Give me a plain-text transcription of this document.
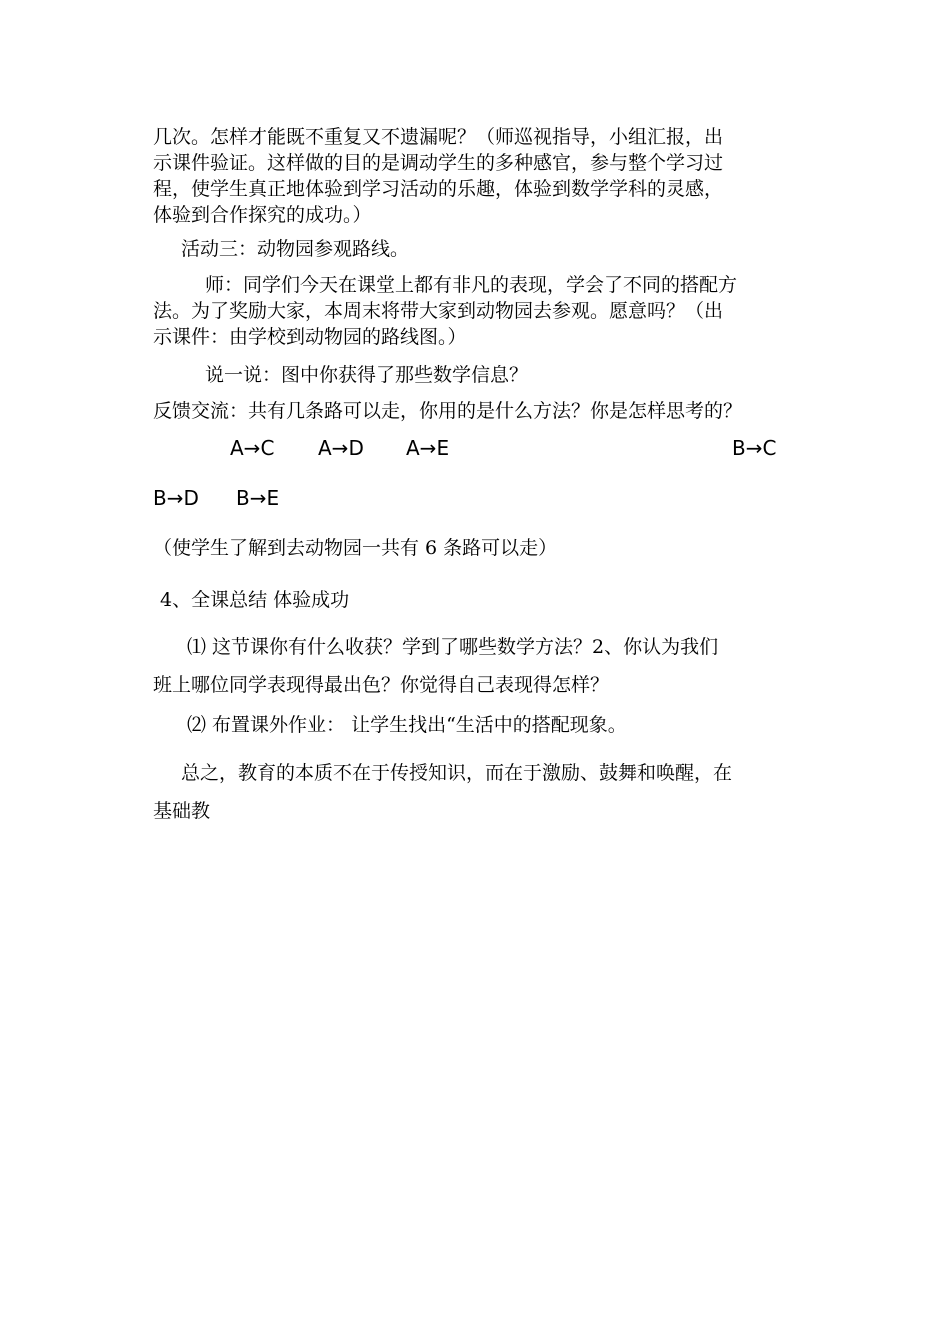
几次。怎样才能既不重复又不遗漏呢？（师巡视指导，小组汇报，出

示课件验证。这样做的目的是调动学生的多种感官，参与整个学习过

程，使学生真正地体验到学习活动的乐趣，体验到数学学科的灵感，

体验到合作探究的成功。）

活动三：动物园参观路线。

师：同学们今天在课堂上都有非凡的表现，学会了不同的搭配方

法。为了奖励大家，本周末将带大家到动物园去参观。愿意吗？（出

示课件：由学校到动物园的路线图。）

说一说：图中你获得了那些数学信息？

反馈交流：共有几条路可以走，你用的是什么方法？你是怎样思考的？

A→C A→D A→E	B→C
B→D B→E

（使学生了解到去动物园一共有 6 条路可以走）

4、全课总结 体验成功

⑴ 这节课你有什么收获？学到了哪些数学方法？2、你认为我们

班上哪位同学表现得最出色？你觉得自己表现得怎样？

⑵ 布置课外作业： 让学生找出“生活中的搭配现象。

总之，教育的本质不在于传授知识，而在于激励、鼓舞和唤醒，在

基础教
